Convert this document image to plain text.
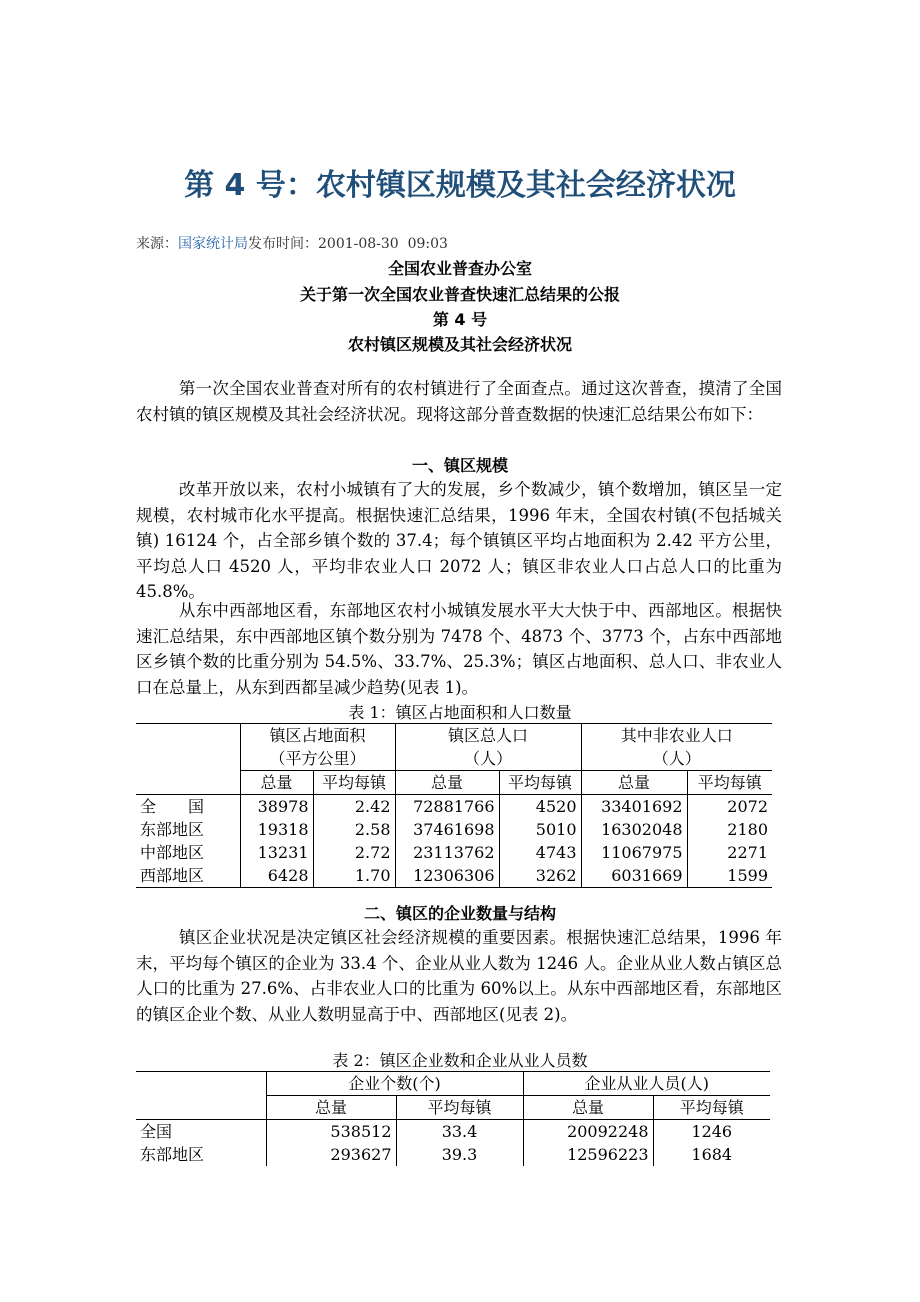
第 4 号：农村镇区规模及其社会经济状况
来源：国家统计局发布时间：2001-08-30  09:03
全国农业普查办公室
关于第一次全国农业普查快速汇总结果的公报
第 4 号
农村镇区规模及其社会经济状况

第一次全国农业普查对所有的农村镇进行了全面查点。通过这次普查，摸清了全国农村镇的镇区规模及其社会经济状况。现将这部分普查数据的快速汇总结果公布如下：

一、镇区规模

改革开放以来，农村小城镇有了大的发展，乡个数减少，镇个数增加，镇区呈一定规模，农村城市化水平提高。根据快速汇总结果，1996 年末，全国农村镇(不包括城关镇) 16124 个，占全部乡镇个数的 37.4；每个镇镇区平均占地面积为 2.42 平方公里，平均总人口 4520 人，平均非农业人口 2072 人；镇区非农业人口占总人口的比重为 45.8%。

从东中西部地区看，东部地区农村小城镇发展水平大大快于中、西部地区。根据快速汇总结果，东中西部地区镇个数分别为 7478 个、4873 个、3773 个，占东中西部地区乡镇个数的比重分别为 54.5%、33.7%、25.3%；镇区占地面积、总人口、非农业人口在总量上，从东到西都呈减少趋势(见表 1)。

表 1：镇区占地面积和人口数量
	镇区占地面积		镇区总人口		其中非农业人口	
	（平方公里）		（人）		（人）	
	总量	平均每镇	总量	平均每镇	总量	平均每镇
全　　国	38978	2.42	72881766	4520	33401692	2072
东部地区	19318	2.58	37461698	5010	16302048	2180
中部地区	13231	2.72	23113762	4743	11067975	2271
西部地区	6428	1.70	12306306	3262	6031669	1599
二、镇区的企业数量与结构

镇区企业状况是决定镇区社会经济规模的重要因素。根据快速汇总结果，1996 年末，平均每个镇区的企业为 33.4 个、企业从业人数为 1246 人。企业从业人数占镇区总人口的比重为 27.6%、占非农业人口的比重为 60%以上。从东中西部地区看，东部地区的镇区企业个数、从业人数明显高于中、西部地区(见表 2)。

表 2：镇区企业数和企业从业人员数
	企业个数(个)		企业从业人员(人)	
	总量	平均每镇	总量	平均每镇
全国	538512	33.4	20092248	1246
东部地区	293627	39.3	12596223	1684
